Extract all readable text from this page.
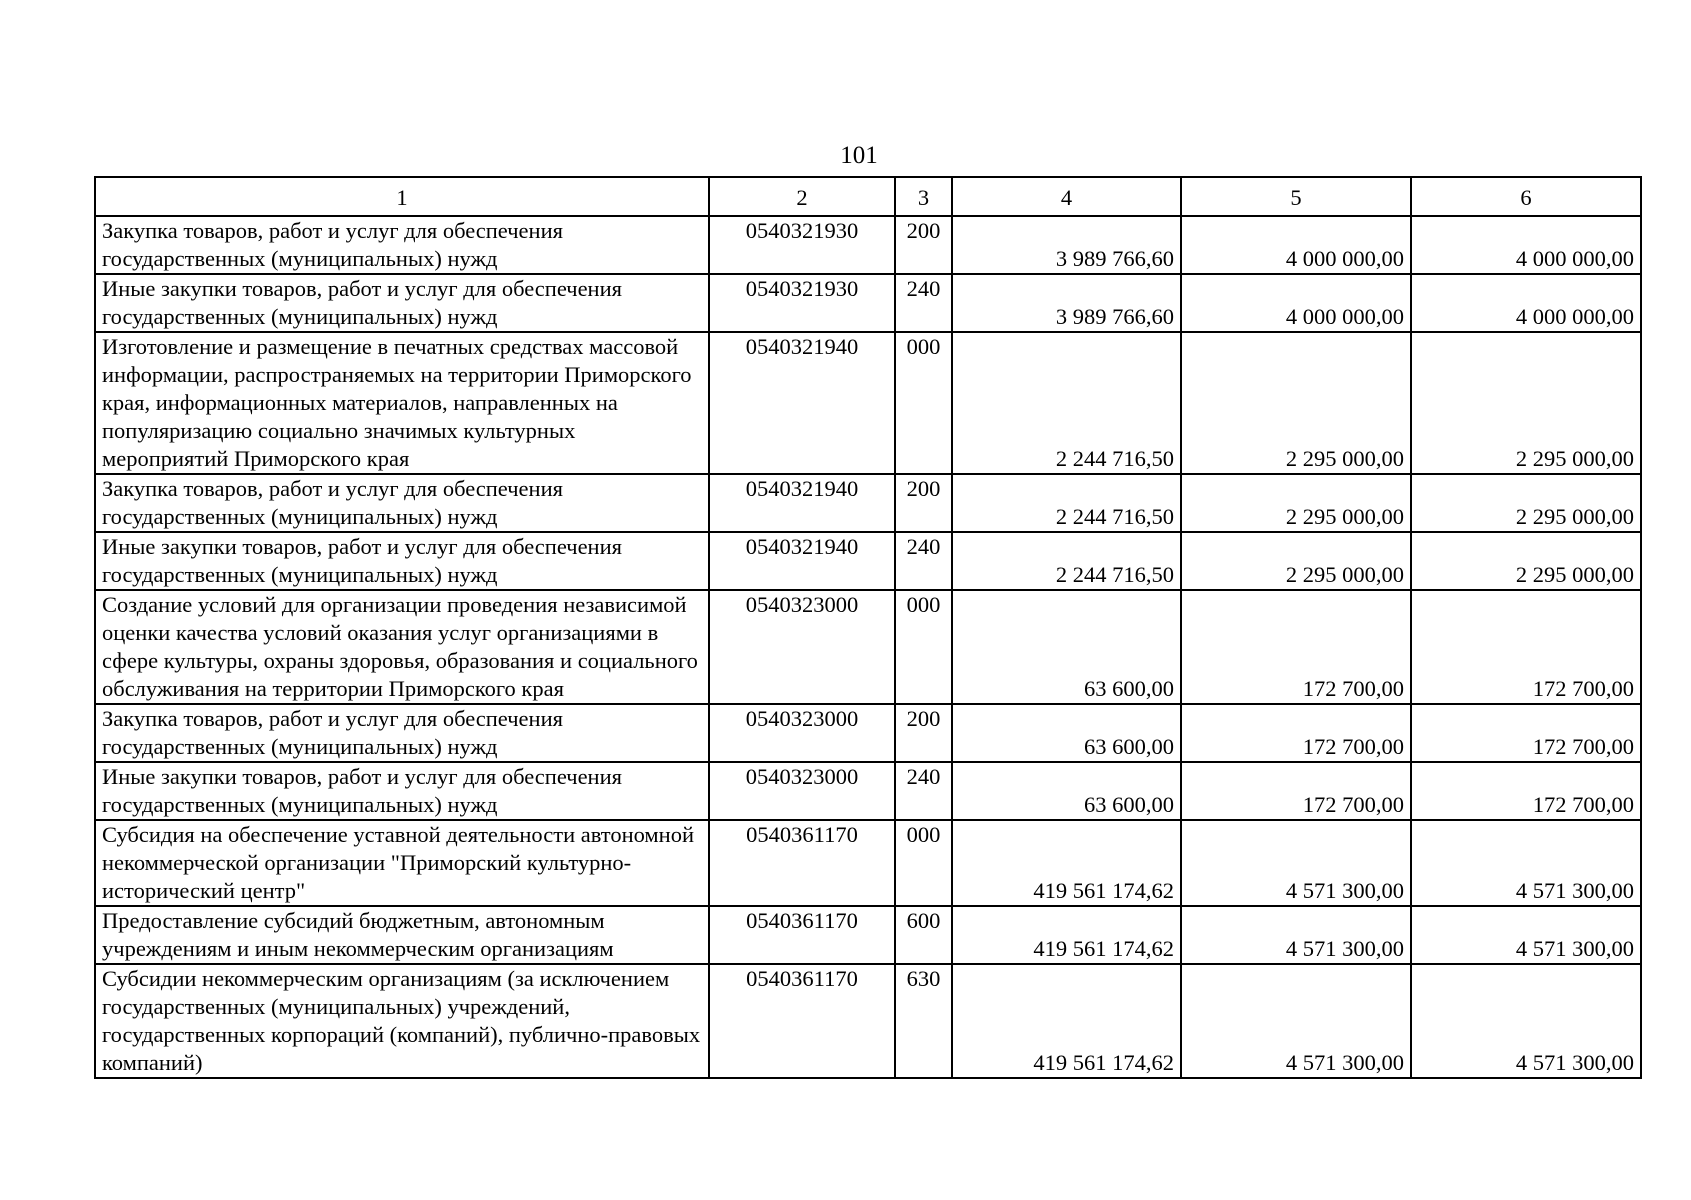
101
1	2	3	4	5	6
Закупка товаров, работ и услуг для обеспечения государственных (муниципальных) нужд	0540321930	200	3 989 766,60	4 000 000,00	4 000 000,00
Иные закупки товаров, работ и услуг для обеспечения государственных (муниципальных) нужд	0540321930	240	3 989 766,60	4 000 000,00	4 000 000,00
Изготовление и размещение в печатных средствах массовой информации, распространяемых на территории Приморского края, информационных материалов, направленных на популяризацию социально значимых культурных мероприятий Приморского края	0540321940	000	2 244 716,50	2 295 000,00	2 295 000,00
Закупка товаров, работ и услуг для обеспечения государственных (муниципальных) нужд	0540321940	200	2 244 716,50	2 295 000,00	2 295 000,00
Иные закупки товаров, работ и услуг для обеспечения государственных (муниципальных) нужд	0540321940	240	2 244 716,50	2 295 000,00	2 295 000,00
Создание условий для организации проведения независимой оценки качества условий оказания услуг организациями в сфере культуры, охраны здоровья, образования и социального обслуживания на территории Приморского края	0540323000	000	63 600,00	172 700,00	172 700,00
Закупка товаров, работ и услуг для обеспечения государственных (муниципальных) нужд	0540323000	200	63 600,00	172 700,00	172 700,00
Иные закупки товаров, работ и услуг для обеспечения государственных (муниципальных) нужд	0540323000	240	63 600,00	172 700,00	172 700,00
Субсидия на обеспечение уставной деятельности автономной некоммерческой организации "Приморский культурно-исторический центр"	0540361170	000	419 561 174,62	4 571 300,00	4 571 300,00
Предоставление субсидий бюджетным, автономным учреждениям и иным некоммерческим организациям	0540361170	600	419 561 174,62	4 571 300,00	4 571 300,00
Субсидии некоммерческим организациям (за исключением государственных (муниципальных) учреждений, государственных корпораций (компаний), публично-правовых компаний)	0540361170	630	419 561 174,62	4 571 300,00	4 571 300,00
